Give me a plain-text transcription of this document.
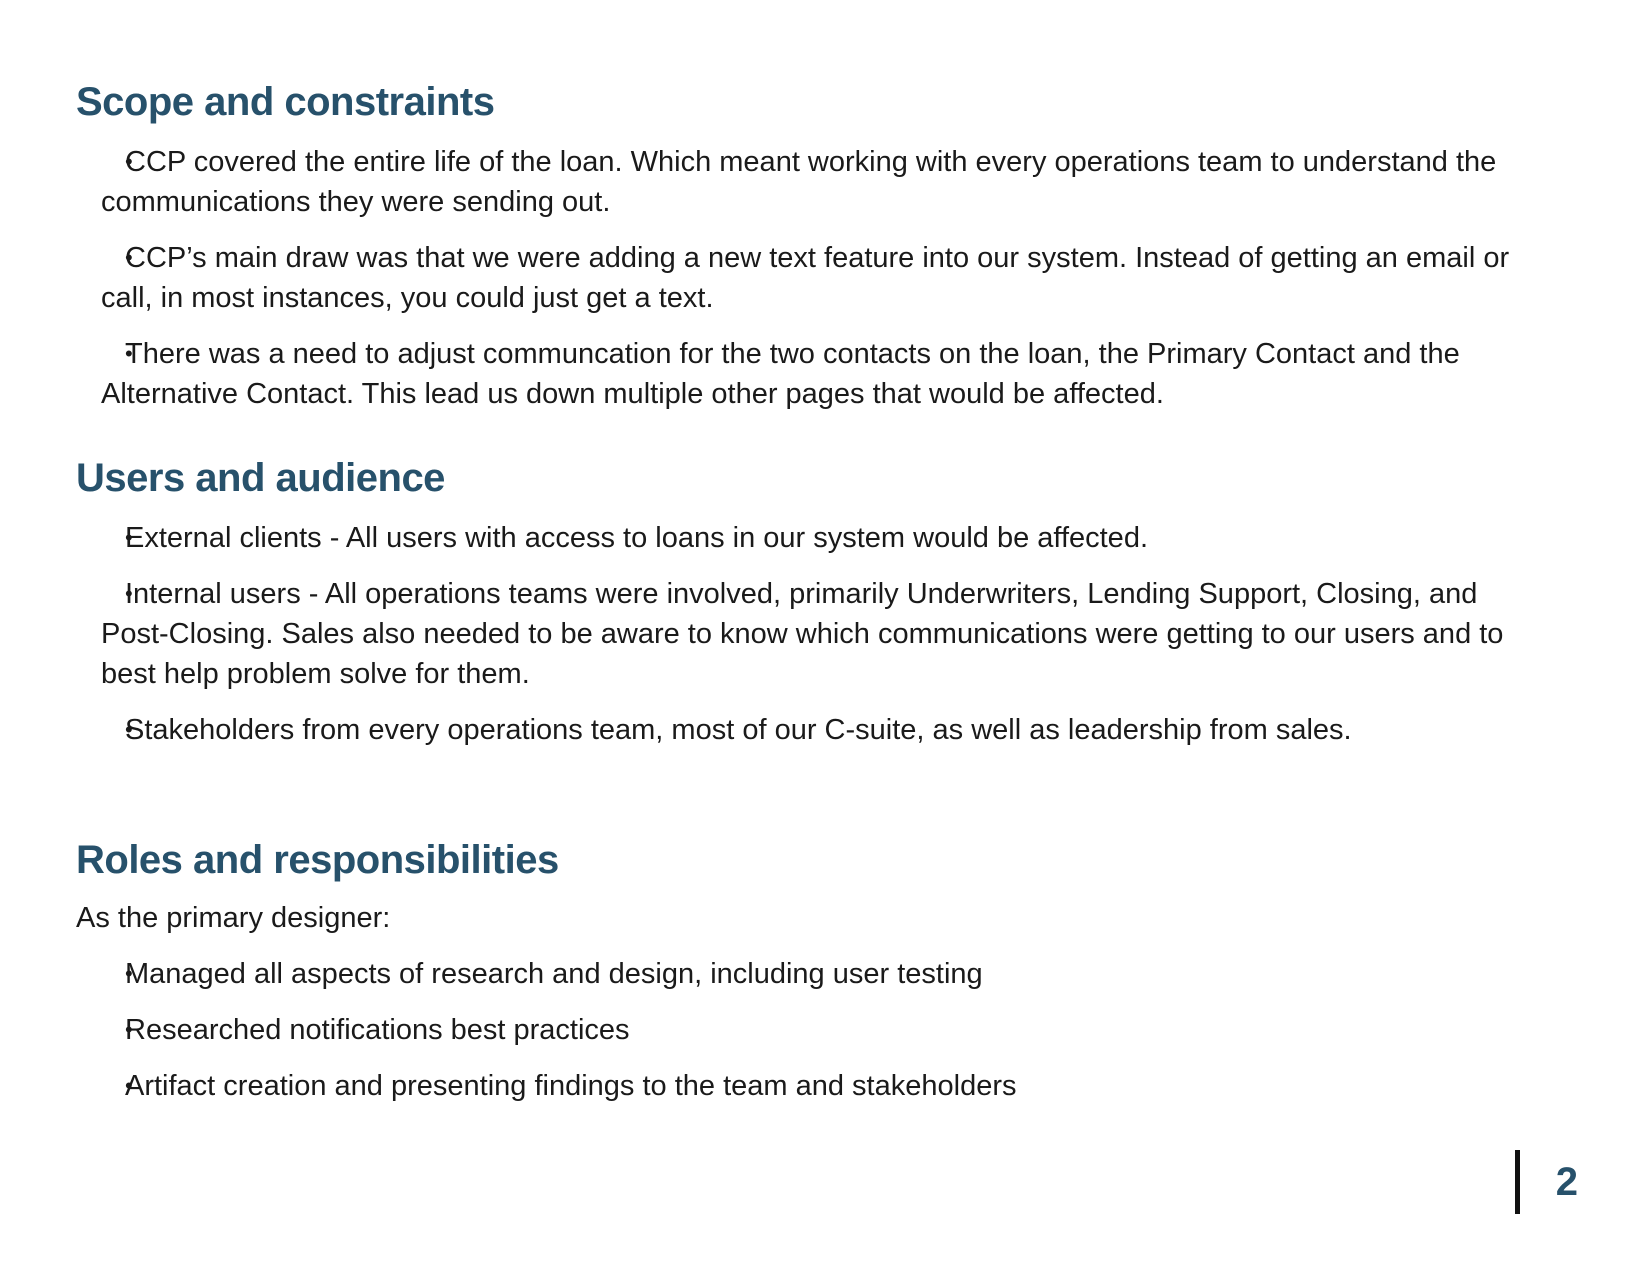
Scope and constraints
• CCP covered the entire life of the loan. Which meant working with every operations team to understand the communications they were sending out.
• CCP’s main draw was that we were adding a new text feature into our system. Instead of getting an email or call, in most instances, you could just get a text.
• There was a need to adjust communcation for the two contacts on the loan, the Primary Contact and the Alternative Contact. This lead us down multiple other pages that would be affected.
Users and audience
• External clients - All users with access to loans in our system would be affected.
• Internal users - All operations teams were involved, primarily Underwriters, Lending Support, Closing, and Post-Closing. Sales also needed to be aware to know which communications were getting to our users and to best help problem solve for them.
• Stakeholders from every operations team, most of our C-suite, as well as leadership from sales.
Roles and responsibilities

As the primary designer:

• Managed all aspects of research and design, including user testing
• Researched notifications best practices
• Artifact creation and presenting findings to the team and stakeholders
2
